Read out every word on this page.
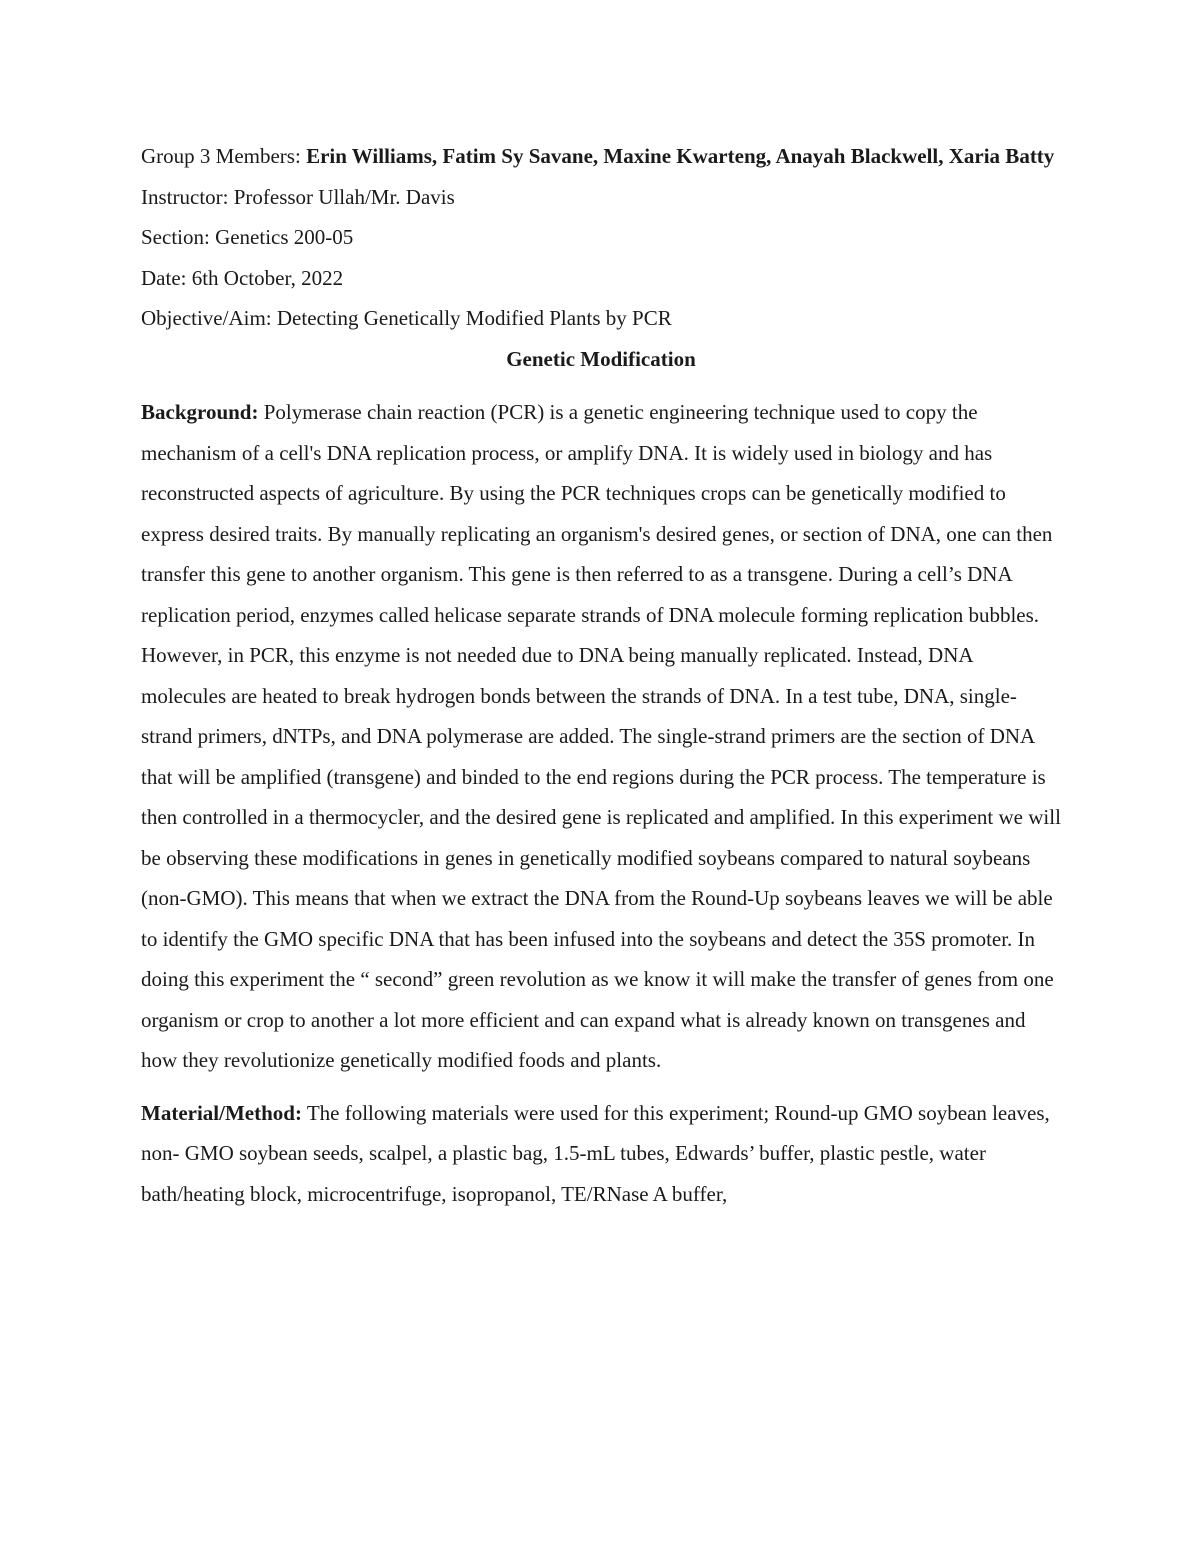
Group 3 Members: Erin Williams, Fatim Sy Savane, Maxine Kwarteng, Anayah Blackwell, Xaria Batty

Instructor: Professor Ullah/Mr. Davis

Section: Genetics 200-05

Date: 6th October, 2022

Objective/Aim: Detecting Genetically Modified Plants by PCR

Genetic Modification

Background: Polymerase chain reaction (PCR) is a genetic engineering technique used to copy the mechanism of a cell's DNA replication process, or amplify DNA. It is widely used in biology and has reconstructed aspects of agriculture. By using the PCR techniques crops can be genetically modified to express desired traits. By manually replicating an organism's desired genes, or section of DNA, one can then transfer this gene to another organism. This gene is then referred to as a transgene. During a cell’s DNA replication period, enzymes called helicase separate strands of DNA molecule forming replication bubbles. However, in PCR, this enzyme is not needed due to DNA being manually replicated. Instead, DNA molecules are heated to break hydrogen bonds between the strands of DNA. In a test tube, DNA, single-strand primers, dNTPs, and DNA polymerase are added. The single-strand primers are the section of DNA that will be amplified (transgene) and binded to the end regions during the PCR process. The temperature is then controlled in a thermocycler, and the desired gene is replicated and amplified. In this experiment we will be observing these modifications in genes in genetically modified soybeans compared to natural soybeans (non-GMO). This means that when we extract the DNA from the Round-Up soybeans leaves we will be able to identify the GMO specific DNA that has been infused into the soybeans and detect the 35S promoter. In doing this experiment the “ second” green revolution as we know it will make the transfer of genes from one organism or crop to another a lot more efficient and can expand what is already known on transgenes and how they revolutionize genetically modified foods and plants.

Material/Method: The following materials were used for this experiment; Round-up GMO soybean leaves, non- GMO soybean seeds, scalpel, a plastic bag, 1.5-mL tubes, Edwards’ buffer, plastic pestle, water bath/heating block, microcentrifuge, isopropanol, TE/RNase A buffer,
